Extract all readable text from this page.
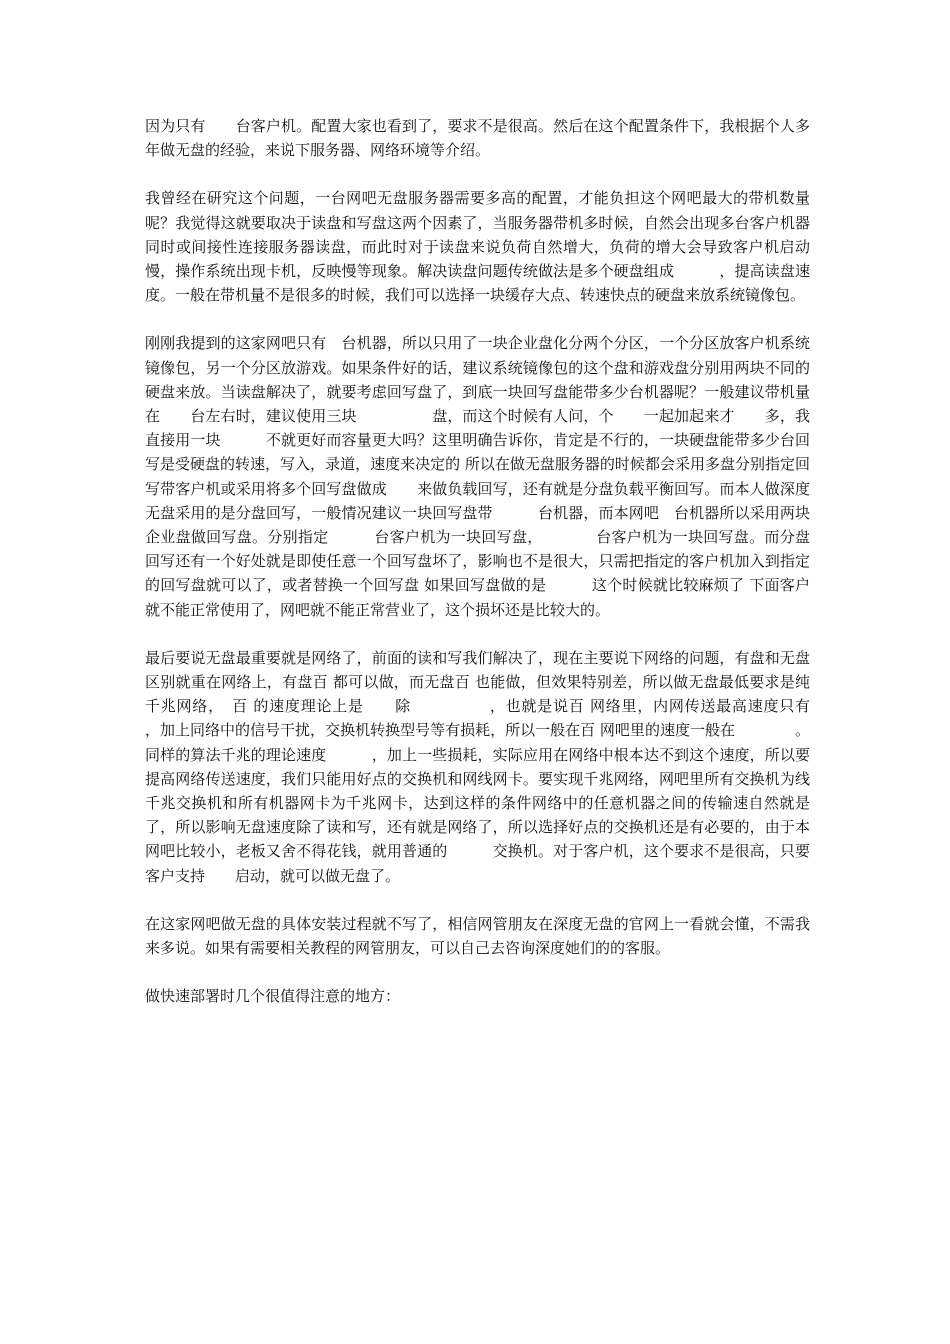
因为只有　　台客户机。配置大家也看到了，要求不是很高。然后在这个配置条件下，我根据个人多年做无盘的经验，来说下服务器、网络环境等介绍。

我曾经在研究这个问题，一台网吧无盘服务器需要多高的配置，才能负担这个网吧最大的带机数量呢？我觉得这就要取决于读盘和写盘这两个因素了，当服务器带机多时候，自然会出现多台客户机器同时或间接性连接服务器读盘，而此时对于读盘来说负荷自然增大，负荷的增大会导致客户机启动慢，操作系统出现卡机，反映慢等现象。解决读盘问题传统做法是多个硬盘组成　　　，提高读盘速度。一般在带机量不是很多的时候，我们可以选择一块缓存大点、转速快点的硬盘来放系统镜像包。

刚刚我提到的这家网吧只有　台机器，所以只用了一块企业盘化分两个分区，一个分区放客户机系统镜像包，另一个分区放游戏。如果条件好的话，建议系统镜像包的这个盘和游戏盘分别用两块不同的硬盘来放。当读盘解决了，就要考虑回写盘了，到底一块回写盘能带多少台机器呢？一般建议带机量在　　台左右时，建议使用三块　　　　　盘，而这个时候有人问，个　　一起加起来才　　多，我直接用一块　　　不就更好而容量更大吗？这里明确告诉你，肯定是不行的，一块硬盘能带多少台回写是受硬盘的转速，写入，录道，速度来决定的 所以在做无盘服务器的时候都会采用多盘分别指定回写带客户机或采用将多个回写盘做成　　来做负载回写，还有就是分盘负载平衡回写。而本人做深度无盘采用的是分盘回写，一般情况建议一块回写盘带　　　台机器，而本网吧　台机器所以采用两块企业盘做回写盘。分别指定　　　台客户机为一块回写盘，　　　　台客户机为一块回写盘。而分盘回写还有一个好处就是即使任意一个回写盘坏了，影响也不是很大，只需把指定的客户机加入到指定的回写盘就可以了，或者替换一个回写盘 如果回写盘做的是　　　这个时候就比较麻烦了 下面客户就不能正常使用了，网吧就不能正常营业了，这个损坏还是比较大的。

最后要说无盘最重要就是网络了，前面的读和写我们解决了，现在主要说下网络的问题，有盘和无盘区别就重在网络上，有盘百 都可以做，而无盘百 也能做，但效果特别差，所以做无盘最低要求是纯千兆网络，　百 的速度理论上是　　除　　　　　，也就是说百 网络里，内网传送最高速度只有　　　　，加上同络中的信号干扰，交换机转换型号等有损耗，所以一般在百 网吧里的速度一般在　　　　。同样的算法千兆的理论速度　　　，加上一些损耗，实际应用在网络中根本达不到这个速度，所以要提高网络传送速度，我们只能用好点的交换机和网线网卡。要实现千兆网络，网吧里所有交换机为线千兆交换机和所有机器网卡为千兆网卡，达到这样的条件网络中的任意机器之间的传输速自然就是　　　了，所以影响无盘速度除了读和写，还有就是网络了，所以选择好点的交换机还是有必要的，由于本网吧比较小，老板又舍不得花钱，就用普通的　　　交换机。对于客户机，这个要求不是很高，只要客户支持　　启动，就可以做无盘了。

在这家网吧做无盘的具体安装过程就不写了，相信网管朋友在深度无盘的官网上一看就会懂，不需我来多说。如果有需要相关教程的网管朋友，可以自己去咨询深度她们的的客服。

做快速部署时几个很值得注意的地方：
